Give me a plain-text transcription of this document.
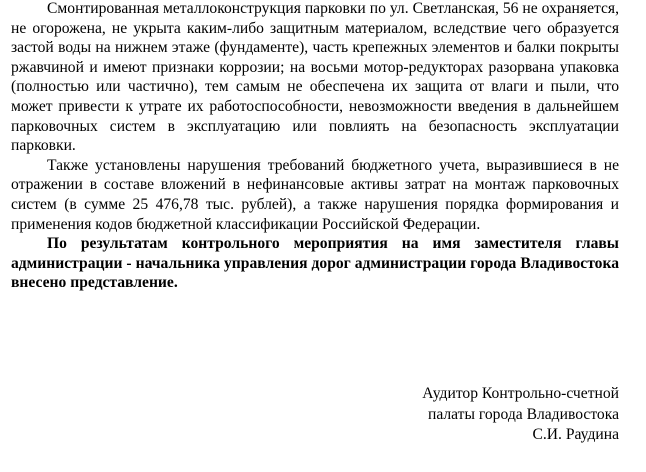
Смонтированная металлоконструкция парковки по ул. Светланская, 56 не охраняется, не огорожена, не укрыта каким-либо защитным материалом, вследствие чего образуется застой воды на нижнем этаже (фундаменте), часть крепежных элементов и балки покрыты ржавчиной и имеют признаки коррозии; на восьми мотор-редукторах разорвана упаковка (полностью или частично), тем самым не обеспечена их защита от влаги и пыли, что может привести к утрате их работоспособности, невозможности введения в дальнейшем парковочных систем в эксплуатацию или повлиять на безопасность эксплуатации парковки.

Также установлены нарушения требований бюджетного учета, выразившиеся в не отражении в составе вложений в нефинансовые активы затрат на монтаж парковочных систем (в сумме 25 476,78 тыс. рублей), а также нарушения порядка формирования и применения кодов бюджетной классификации Российской Федерации.

По результатам контрольного мероприятия на имя заместителя главы администрации - начальника управления дорог администрации города Владивостока внесено представление.

Аудитор Контрольно-счетной
палаты города Владивостока
С.И. Раудина
